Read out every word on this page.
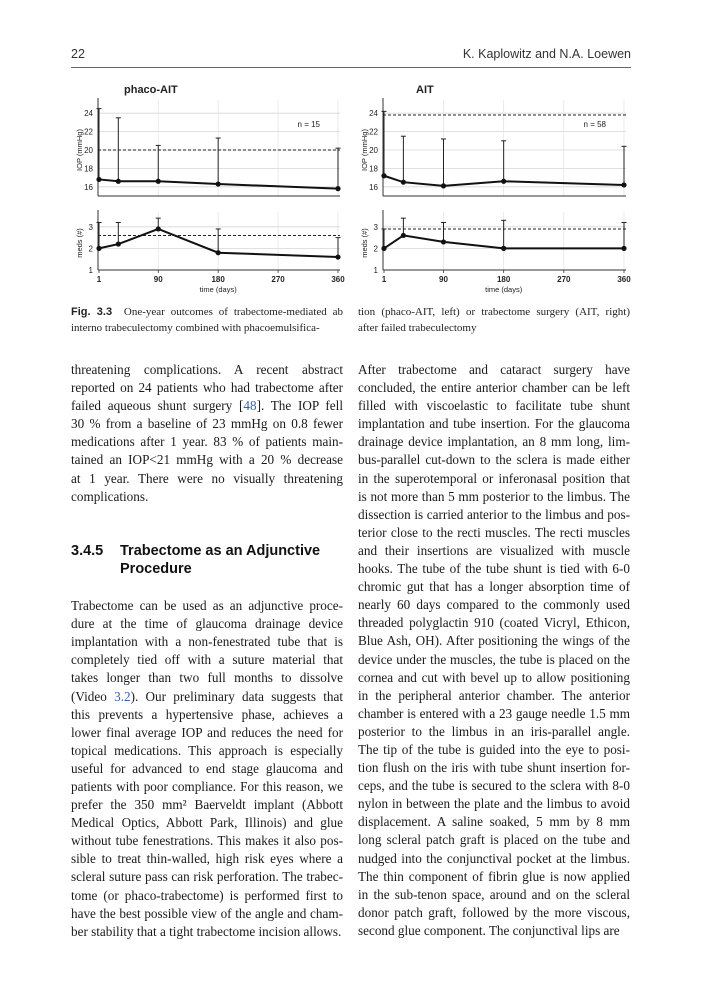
22	K. Kaplowitz and N.A. Loewen
phaco-AIT
16
18
20
22
24
IOP (mmHg)
n = 15
1
2
3
meds (#)
1	90	180	270	360
time (days)
AIT
16
18
20
22
24
IOP (mmHg)
n = 58
1
2
3
meds (#)
1	90	180	270	360
time (days)
Fig. 3.3 One-year outcomes of trabectome-mediated ab
interno trabeculectomy combined with phacoemulsifica-
tion (phaco-AIT, left) or trabectome surgery (AIT, right)
after failed trabeculectomy
threatening complications. A recent abstract
reported on 24 patients who had trabectome after
failed aqueous shunt surgery [48]. The IOP fell
30 % from a baseline of 23 mmHg on 0.8 fewer
medications after 1 year. 83 % of patients main-
tained an IOP<21 mmHg with a 20 % decrease
at 1 year. There were no visually threatening
complications.
3.4.5 Trabectome as an Adjunctive
Procedure
Trabectome can be used as an adjunctive proce-
dure at the time of glaucoma drainage device
implantation with a non-fenestrated tube that is
completely tied off with a suture material that
takes longer than two full months to dissolve
(Video 3.2). Our preliminary data suggests that
this prevents a hypertensive phase, achieves a
lower final average IOP and reduces the need for
topical medications. This approach is especially
useful for advanced to end stage glaucoma and
patients with poor compliance. For this reason, we
prefer the 350 mm² Baerveldt implant (Abbott
Medical Optics, Abbott Park, Illinois) and glue
without tube fenestrations. This makes it also pos-
sible to treat thin-walled, high risk eyes where a
scleral suture pass can risk perforation. The trabec-
tome (or phaco-trabectome) is performed first to
have the best possible view of the angle and cham-
ber stability that a tight trabectome incision allows.
After trabectome and cataract surgery have
concluded, the entire anterior chamber can be left
filled with viscoelastic to facilitate tube shunt
implantation and tube insertion. For the glaucoma
drainage device implantation, an 8 mm long, lim-
bus-parallel cut-down to the sclera is made either
in the superotemporal or inferonasal position that
is not more than 5 mm posterior to the limbus. The
dissection is carried anterior to the limbus and pos-
terior close to the recti muscles. The recti muscles
and their insertions are visualized with muscle
hooks. The tube of the tube shunt is tied with 6-0
chromic gut that has a longer absorption time of
nearly 60 days compared to the commonly used
threaded polyglactin 910 (coated Vicryl, Ethicon,
Blue Ash, OH). After positioning the wings of the
device under the muscles, the tube is placed on the
cornea and cut with bevel up to allow positioning
in the peripheral anterior chamber. The anterior
chamber is entered with a 23 gauge needle 1.5 mm
posterior to the limbus in an iris-parallel angle.
The tip of the tube is guided into the eye to posi-
tion flush on the iris with tube shunt insertion for-
ceps, and the tube is secured to the sclera with 8-0
nylon in between the plate and the limbus to avoid
displacement. A saline soaked, 5 mm by 8 mm
long scleral patch graft is placed on the tube and
nudged into the conjunctival pocket at the limbus.
The thin component of fibrin glue is now applied
in the sub-tenon space, around and on the scleral
donor patch graft, followed by the more viscous,
second glue component. The conjunctival lips are
